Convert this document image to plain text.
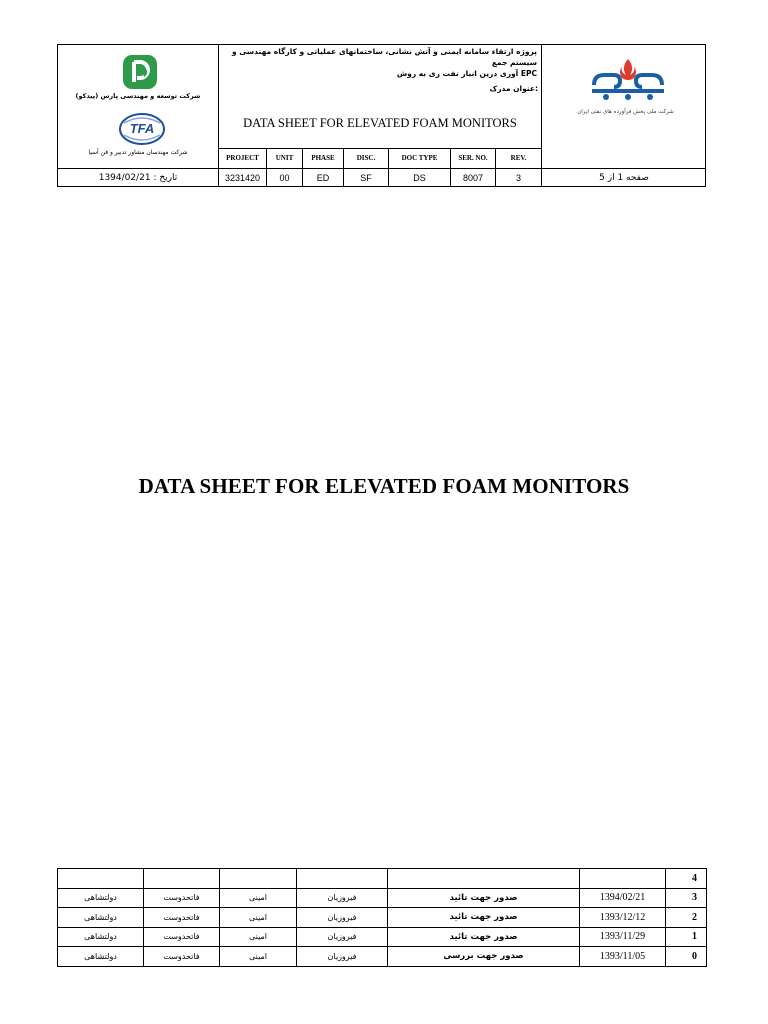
شرکت توسعه و مهندسی پارس (پیدکو)
TFA
شرکت مهندسان مشاور تدبیر و فن آسیا
پروژه ارتقاء سامانه ایمنی و آتش نشانی، ساختمانهای عملیاتی و کارگاه مهندسی و سیستم جمع
EPC آوری درین انبار نفت ری به روش
:عنوان مدرک
DATA SHEET FOR ELEVATED FOAM MONITORS
PROJECT	UNIT	PHASE	DISC.	DOC TYPE	SER. NO.	REV.
3231420	00	ED	SF	DS	8007	3
تاریخ : 1394/02/21	صفحه 1 از 5
شرکت ملی پخش فرآورده های نفتی ایران
DATA SHEET FOR ELEVATED FOAM MONITORS
						4
دولتشاهی	فاتحدوست	امینی	فیروزیان	صدور جهت تائید	1394/02/21	3
دولتشاهی	فاتحدوست	امینی	فیروزیان	صدور جهت تائید	1393/12/12	2
دولتشاهی	فاتحدوست	امینی	فیروزیان	صدور جهت تائید	1393/11/29	1
دولتشاهی	فاتحدوست	امینی	فیروزیان	صدور جهت بررسی	1393/11/05	0
